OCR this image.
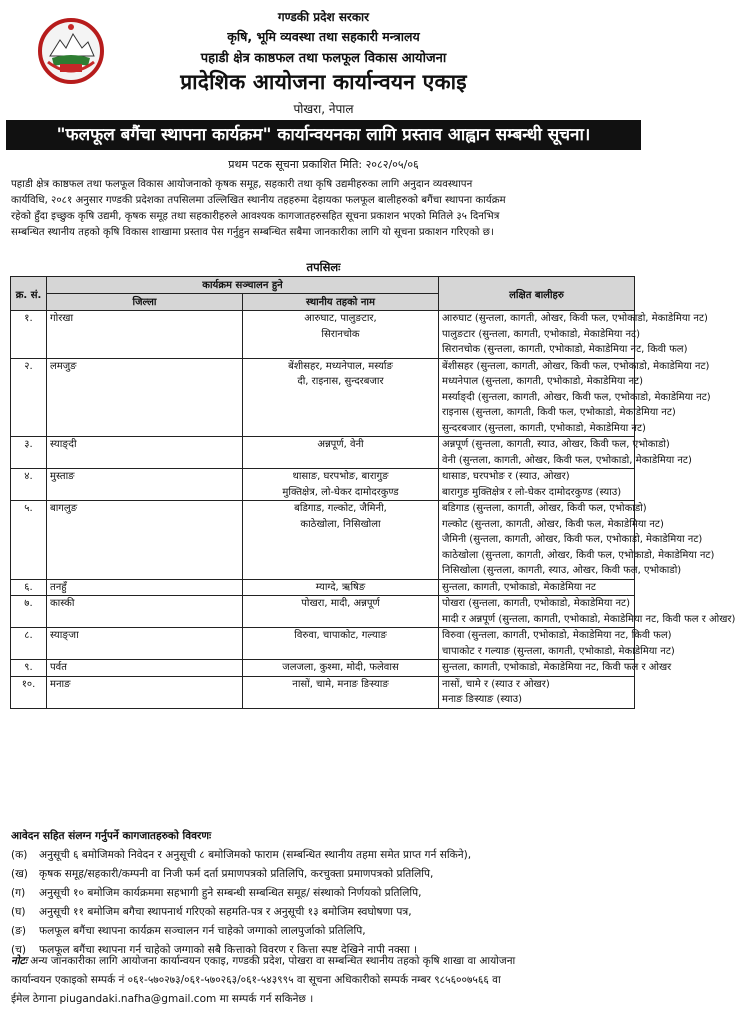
गण्डकी प्रदेश सरकार
कृषि, भूमि व्यवस्था तथा सहकारी मन्त्रालय
पहाडी क्षेत्र काष्ठफल तथा फलफूल विकास आयोजना
प्रादेशिक आयोजना कार्यान्वयन एकाइ
पोखरा, नेपाल
"फलफूल बगैंचा स्थापना कार्यक्रम" कार्यान्वयनका लागि प्रस्ताव आह्वान सम्बन्धी सूचना।
प्रथम पटक सूचना प्रकाशित मिति: २०८२/०५/०६
पहाडी क्षेत्र काष्ठफल तथा फलफूल विकास आयोजनाको कृषक समूह, सहकारी तथा कृषि उद्यमीहरुका लागि अनुदान व्यवस्थापन
कार्यविधि, २०८१ अनुसार गण्डकी प्रदेशका तपसिलमा उल्लिखित स्थानीय तहहरुमा देहायका फलफूल बालीहरुको बगैंचा स्थापना कार्यक्रम
रहेको हुँदा इच्छुक कृषि उद्यमी, कृषक समूह तथा सहकारीहरुले आवश्यक कागजातहरुसहित सूचना प्रकाशन भएको मितिले ३५ दिनभित्र
सम्बन्धित स्थानीय तहको कृषि विकास शाखामा प्रस्ताव पेस गर्नुहुन सम्बन्धित सबैमा जानकारीका लागि यो सूचना प्रकाशन गरिएको छ।
तपसिलः
क्र. सं.	कार्यक्रम सञ्चालन हुने		लक्षित बालीहरु
	जिल्ला	स्थानीय तहको नाम	

१.	गोरखा	आरुघाट, पालुङटार,
सिरानचोक	आरुघाट (सुन्तला, कागती, ओखर, किवी फल, एभोकाडो, मेकाडेमिया नट)
पालुङटार (सुन्तला, कागती, एभोकाडो, मेकाडेमिया नट)
सिरानचोक (सुन्तला, कागती, एभोकाडो, मेकाडेमिया नट, किवी फल)

२.	लमजुङ	बेंशीसहर, मध्यनेपाल, मर्स्याङ
दी, राइनास, सुन्दरबजार	बेंशीसहर (सुन्तला, कागती, ओखर, किवी फल, एभोकाडो, मेकाडेमिया नट)
मध्यनेपाल (सुन्तला, कागती, एभोकाडो, मेकाडेमिया नट)
मर्स्याङ्दी (सुन्तला, कागती, ओखर, किवी फल, एभोकाडो, मेकाडेमिया नट)
राइनास (सुन्तला, कागती, किवी फल, एभोकाडो, मेकाडेमिया नट)
सुन्दरबजार (सुन्तला, कागती, एभोकाडो, मेकाडेमिया नट)

३.	स्याङ्दी	अन्नपूर्ण, वेनी	अन्नपूर्ण (सुन्तला, कागती, स्याउ, ओखर, किवी फल, एभोकाडो)
वेनी (सुन्तला, कागती, ओखर, किवी फल, एभोकाडो, मेकाडेमिया नट)

४.	मुस्ताङ	थासाङ, घरपभोङ, बारागुङ
मुक्तिक्षेत्र, लो-घेकर दामोदरकुण्ड	थासाङ, घरपभोङ र (स्याउ, ओखर)
बारागुङ मुक्तिक्षेत्र र लो-घेकर दामोदरकुण्ड (स्याउ)

५.	बागलुङ	बडिगाड, गल्कोट, जैमिनी,
काठेखोला, निसिखोला	बडिगाड (सुन्तला, कागती, ओखर, किवी फल, एभोकाडो)
गल्कोट (सुन्तला, कागती, ओखर, किवी फल, मेकाडेमिया नट)
जैमिनी (सुन्तला, कागती, ओखर, किवी फल, एभोकाडो, मेकाडेमिया नट)
काठेखोला (सुन्तला, कागती, ओखर, किवी फल, एभोकाडो, मेकाडेमिया नट)
निसिखोला (सुन्तला, कागती, स्याउ, ओखर, किवी फल, एभोकाडो)

६.	तनहुँ	म्याग्दे, ऋषिङ	सुन्तला, कागती, एभोकाडो, मेकाडेमिया नट

७.	कास्की	पोखरा, मादी, अन्नपूर्ण	पोखरा (सुन्तला, कागती, एभोकाडो, मेकाडेमिया नट)
मादी र अन्नपूर्ण (सुन्तला, कागती, एभोकाडो, मेकाडेमिया नट, किवी फल र ओखर)

८.	स्याङ्जा	विरुवा, चापाकोट, गल्याङ	विरुवा (सुन्तला, कागती, एभोकाडो, मेकाडेमिया नट, किवी फल)
चापाकोट र गल्याङ (सुन्तला, कागती, एभोकाडो, मेकाडेमिया नट)

९.	पर्वत	जलजला, कुश्मा, मोदी, फलेवास	सुन्तला, कागती, एभोकाडो, मेकाडेमिया नट, किवी फल र ओखर

१०.	मनाङ	नासों, चामे, मनाङ ङिस्याङ	नासों, चामे र (स्याउ र ओखर)
मनाङ ङिस्याङ (स्याउ)
आवेदन सहित संलग्न गर्नुपर्ने कागजातहरुको विवरणः
(क)	अनुसूची ६ बमोजिमको निवेदन र अनुसूची ८ बमोजिमको फाराम (सम्बन्धित स्थानीय तहमा समेत प्राप्त गर्न सकिने),
(ख)	कृषक समूह/सहकारी/कम्पनी वा निजी फर्म दर्ता प्रमाणपत्रको प्रतिलिपि, करचुक्ता प्रमाणपत्रको प्रतिलिपि,
(ग)	अनुसूची १० बमोजिम कार्यक्रममा सहभागी हुने सम्बन्धी सम्बन्धित समूह/ संस्थाको निर्णयको प्रतिलिपि,
(घ)	अनुसूची ११ बमोजिम बगैचा स्थापनार्थ गरिएको सहमति-पत्र र अनुसूची १३ बमोजिम स्वघोषणा पत्र,
(ङ)	फलफूल बगैंचा स्थापना कार्यक्रम सञ्चालन गर्न चाहेको जग्गाको लालपुर्जाको प्रतिलिपि,
(च)	फलफूल बगैंचा स्थापना गर्न चाहेको जग्गाको सबै कित्ताको विवरण र कित्ता स्पष्ट देखिने नापी नक्सा ।
नोटः अन्य जानकारीका लागि आयोजना कार्यान्वयन एकाइ, गण्डकी प्रदेश, पोखरा वा सम्बन्धित स्थानीय तहको कृषि शाखा वा आयोजना
कार्यान्वयन एकाइको सम्पर्क नं ०६१-५७०२७३/०६१-५७०२६३/०६१-५४३९९५ वा सूचना अधिकारीको सम्पर्क नम्बर ९८५६००७५६६ वा
ईमेल ठेगाना piugandaki.nafha@gmail.com मा सम्पर्क गर्न सकिनेछ ।
